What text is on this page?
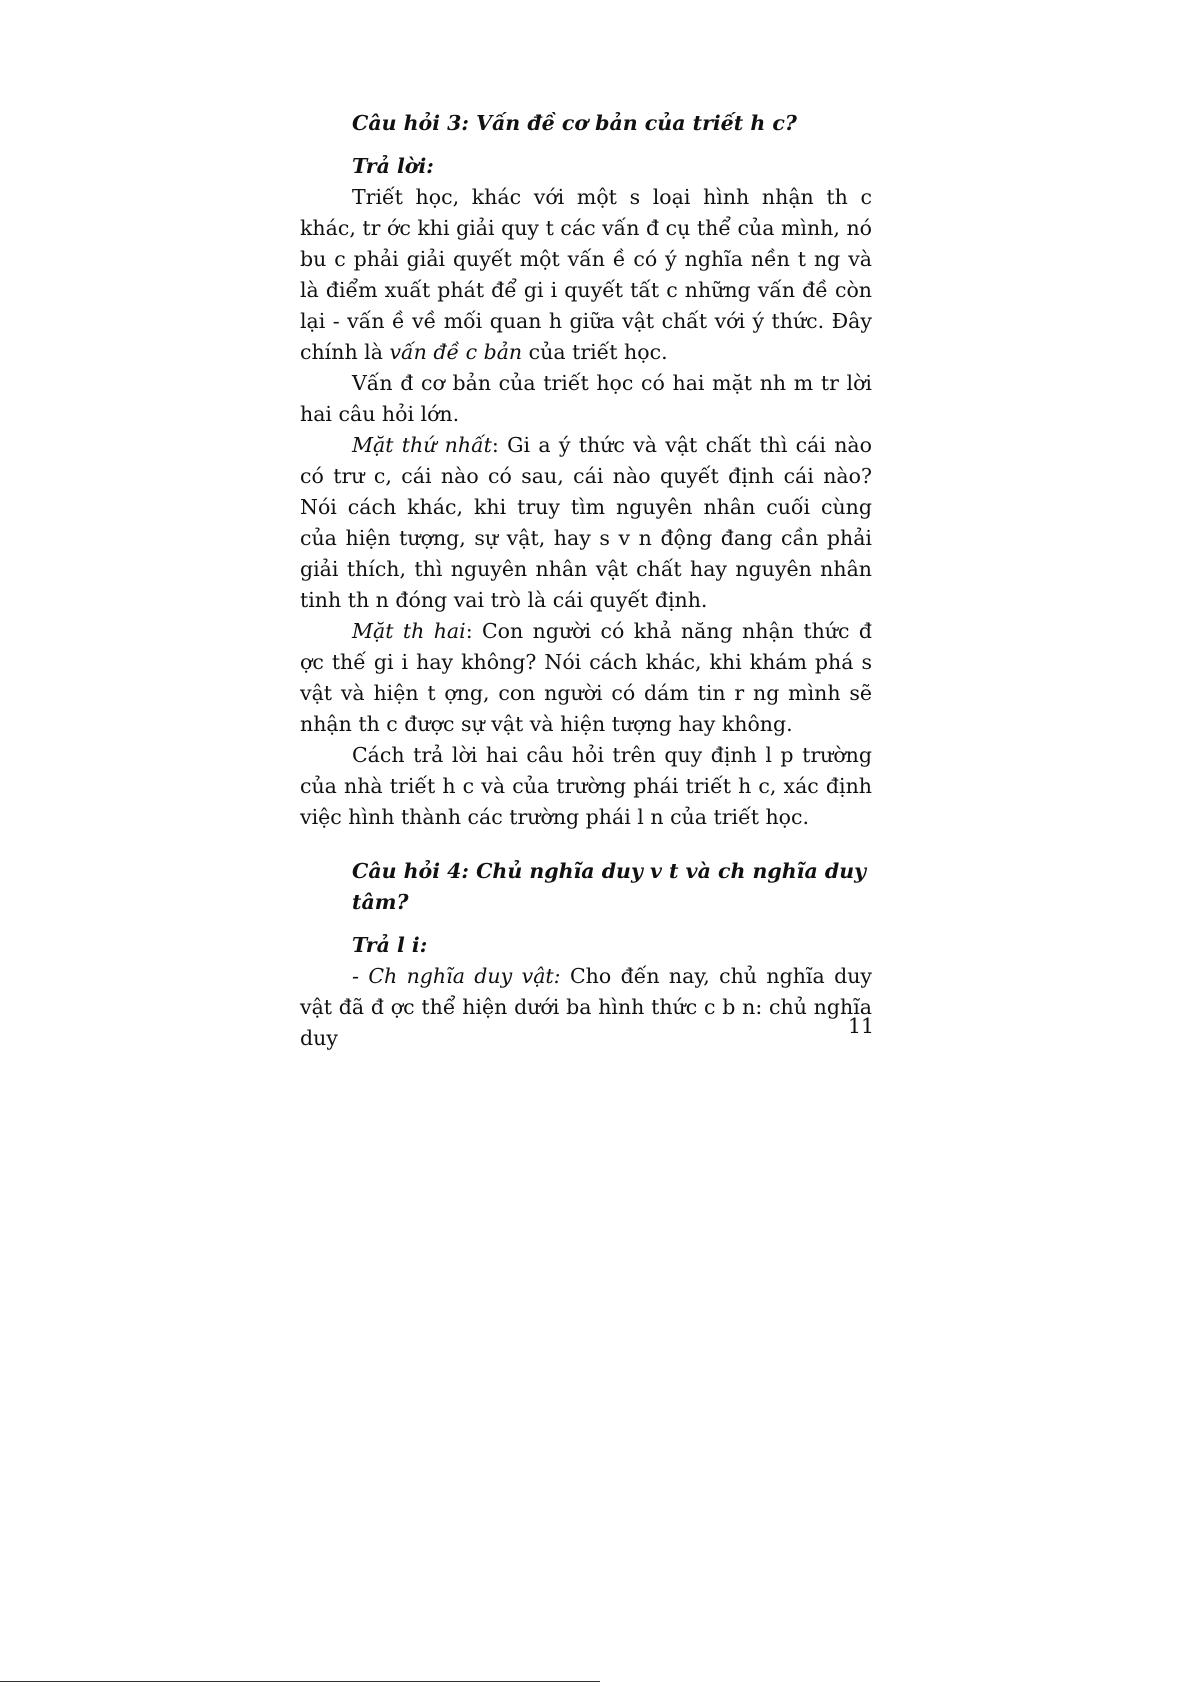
Câu hỏi 3: Vấn đề cơ bản của triết h c?
Trả lời:

Triết học, khác với một s loại hình nhận th c khác, tr ớc khi giải quy t các vấn đ cụ thể của mình, nó bu c phải giải quyết một vấn ề có ý nghĩa nền t ng và là điểm xuất phát để gi i quyết tất c những vấn đề còn lại - vấn ề về mối quan h giữa vật chất với ý thức. Đây chính là vấn đề c bản của triết học.

Vấn đ cơ bản của triết học có hai mặt nh m tr lời hai câu hỏi lớn.

Mặt thứ nhất: Gi a ý thức và vật chất thì cái nào có trư c, cái nào có sau, cái nào quyết định cái nào? Nói cách khác, khi truy tìm nguyên nhân cuối cùng của hiện tượng, sự vật, hay s v n động đang cần phải giải thích, thì nguyên nhân vật chất hay nguyên nhân tinh th n đóng vai trò là cái quyết định.

Mặt th hai: Con người có khả năng nhận thức đ ợc thế gi i hay không? Nói cách khác, khi khám phá s vật và hiện t ợng, con người có dám tin r ng mình sẽ nhận th c được sự vật và hiện tượng hay không.

Cách trả lời hai câu hỏi trên quy định l p trường của nhà triết h c và của trường phái triết h c, xác định việc hình thành các trường phái l n của triết học.

Câu hỏi 4: Chủ nghĩa duy v t và ch nghĩa duy tâm?
Trả l i:

- Ch nghĩa duy vật: Cho đến nay, chủ nghĩa duy vật đã đ ợc thể hiện dưới ba hình thức c b n: chủ nghĩa duy	11
